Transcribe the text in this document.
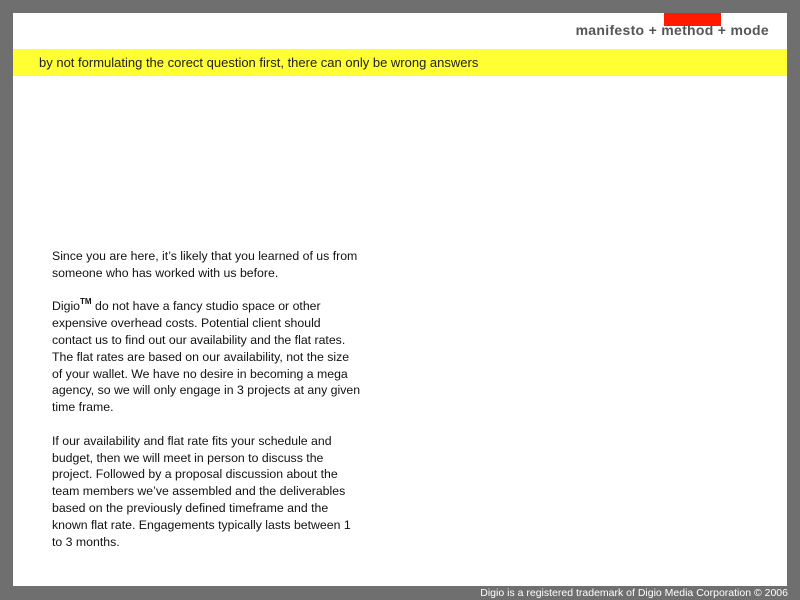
manifesto + method + mode
by not formulating the corect question first, there can only be wrong answers

Since you are here, it’s likely that you learned of us from someone who has worked with us before.

Digio™ do not have a fancy studio space or other expensive overhead costs. Potential client should contact us to find out our availability and the flat rates. The flat rates are based on our availability, not the size of your wallet. We have no desire in becoming a mega agency, so we will only engage in 3 projects at any given time frame.

If our availability and flat rate fits your schedule and budget, then we will meet in person to discuss the project. Followed by a proposal discussion about the team members we’ve assembled and the deliverables based on the previously defined timeframe and the known flat rate. Engagements typically lasts between 1 to 3 months.

Digio is a registered trademark of Digio Media Corporation © 2006
